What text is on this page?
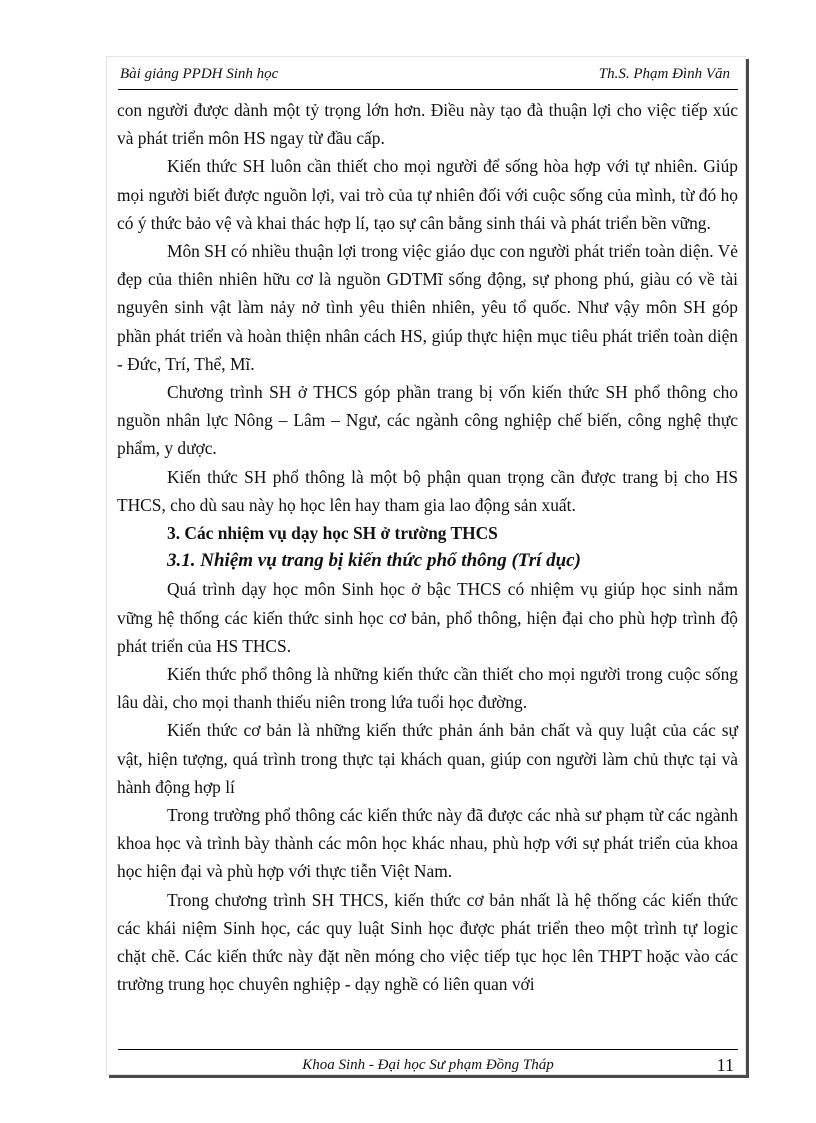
Bài giảng PPDH Sinh học	Th.S. Phạm Đình Văn

con người được dành một tỷ trọng lớn hơn. Điều này tạo đà thuận lợi cho việc tiếp xúc và phát triển môn HS ngay từ đầu cấp.

Kiến thức SH luôn cần thiết cho mọi người để sống hòa hợp với tự nhiên. Giúp mọi người biết được nguồn lợi, vai trò của tự nhiên đối với cuộc sống của mình, từ đó họ có ý thức bảo vệ và khai thác hợp lí, tạo sự cân bằng sinh thái và phát triển bền vững.

Môn SH có nhiều thuận lợi trong việc giáo dục con người phát triển toàn diện. Vẻ đẹp của thiên nhiên hữu cơ là nguồn GDTMĩ sống động, sự phong phú, giàu có về tài nguyên sinh vật làm nảy nở tình yêu thiên nhiên, yêu tổ quốc. Như vậy môn SH góp phần phát triển và hoàn thiện nhân cách HS, giúp thực hiện mục tiêu phát triển toàn diện - Đức, Trí, Thể, Mĩ.

Chương trình SH ở THCS góp phần trang bị vốn kiến thức SH phổ thông cho nguồn nhân lực Nông – Lâm – Ngư, các ngành công nghiệp chế biến, công nghệ thực phẩm, y dược.

Kiến thức SH phổ thông là một bộ phận quan trọng cần được trang bị cho HS THCS, cho dù sau này họ học lên hay tham gia lao động sản xuất.

3. Các nhiệm vụ dạy học SH ở trường THCS

3.1. Nhiệm vụ trang bị kiến thức phổ thông (Trí dục)

Quá trình dạy học môn Sinh học ở bậc THCS có nhiệm vụ giúp học sinh nắm vững hệ thống các kiến thức sinh học cơ bản, phổ thông, hiện đại cho phù hợp trình độ phát triển của HS THCS.

Kiến thức phổ thông là những kiến thức cần thiết cho mọi người trong cuộc sống lâu dài, cho mọi thanh thiếu niên trong lứa tuổi học đường.

Kiến thức cơ bản là những kiến thức phản ánh bản chất và quy luật của các sự vật, hiện tượng, quá trình trong thực tại khách quan, giúp con người làm chủ thực tại và hành động hợp lí

Trong trường phổ thông các kiến thức này đã được các nhà sư phạm từ các ngành khoa học và trình bày thành các môn học khác nhau, phù hợp với sự phát triển của khoa học hiện đại và phù hợp với thực tiễn Việt Nam.

Trong chương trình SH THCS, kiến thức cơ bản nhất là hệ thống các kiến thức các khái niệm Sinh học, các quy luật Sinh học được phát triển theo một trình tự logic chặt chẽ. Các kiến thức này đặt nền móng cho việc tiếp tục học lên THPT hoặc vào các trường trung học chuyên nghiệp - dạy nghề có liên quan với

Khoa Sinh - Đại học Sư phạm Đồng Tháp	11
